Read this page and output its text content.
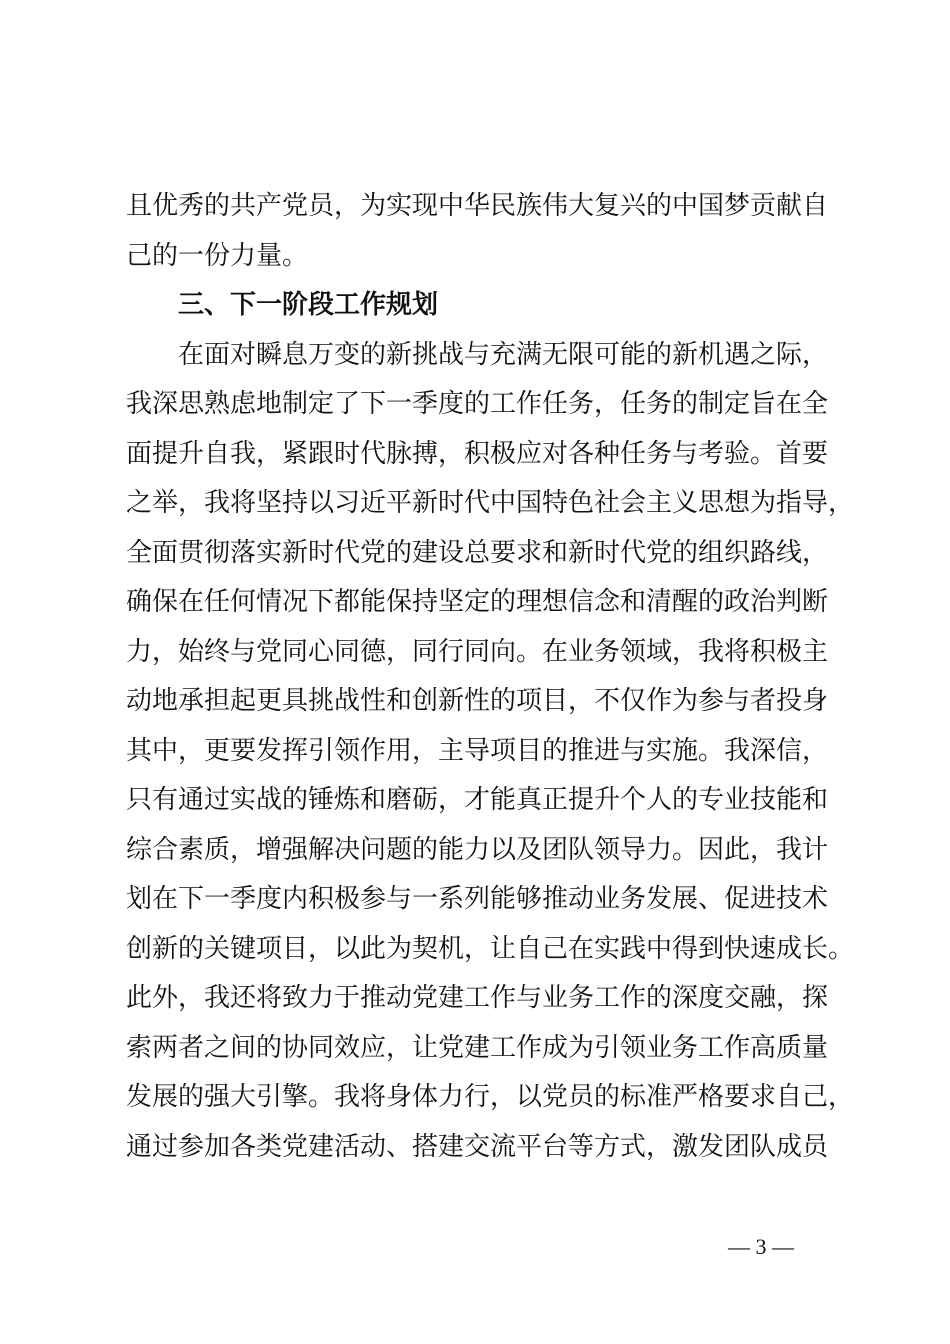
且优秀的共产党员，为实现中华民族伟大复兴的中国梦贡献自
己的一份力量。
三、下一阶段工作规划
在面对瞬息万变的新挑战与充满无限可能的新机遇之际，
我深思熟虑地制定了下一季度的工作任务，任务的制定旨在全
面提升自我，紧跟时代脉搏，积极应对各种任务与考验。首要
之举，我将坚持以习近平新时代中国特色社会主义思想为指导，
全面贯彻落实新时代党的建设总要求和新时代党的组织路线，
确保在任何情况下都能保持坚定的理想信念和清醒的政治判断
力，始终与党同心同德，同行同向。在业务领域，我将积极主
动地承担起更具挑战性和创新性的项目，不仅作为参与者投身
其中，更要发挥引领作用，主导项目的推进与实施。我深信，
只有通过实战的锤炼和磨砺，才能真正提升个人的专业技能和
综合素质，增强解决问题的能力以及团队领导力。因此，我计
划在下一季度内积极参与一系列能够推动业务发展、促进技术
创新的关键项目，以此为契机，让自己在实践中得到快速成长。
此外，我还将致力于推动党建工作与业务工作的深度交融，探
索两者之间的协同效应，让党建工作成为引领业务工作高质量
发展的强大引擎。我将身体力行，以党员的标准严格要求自己，
通过参加各类党建活动、搭建交流平台等方式，激发团队成员
— 3 —
